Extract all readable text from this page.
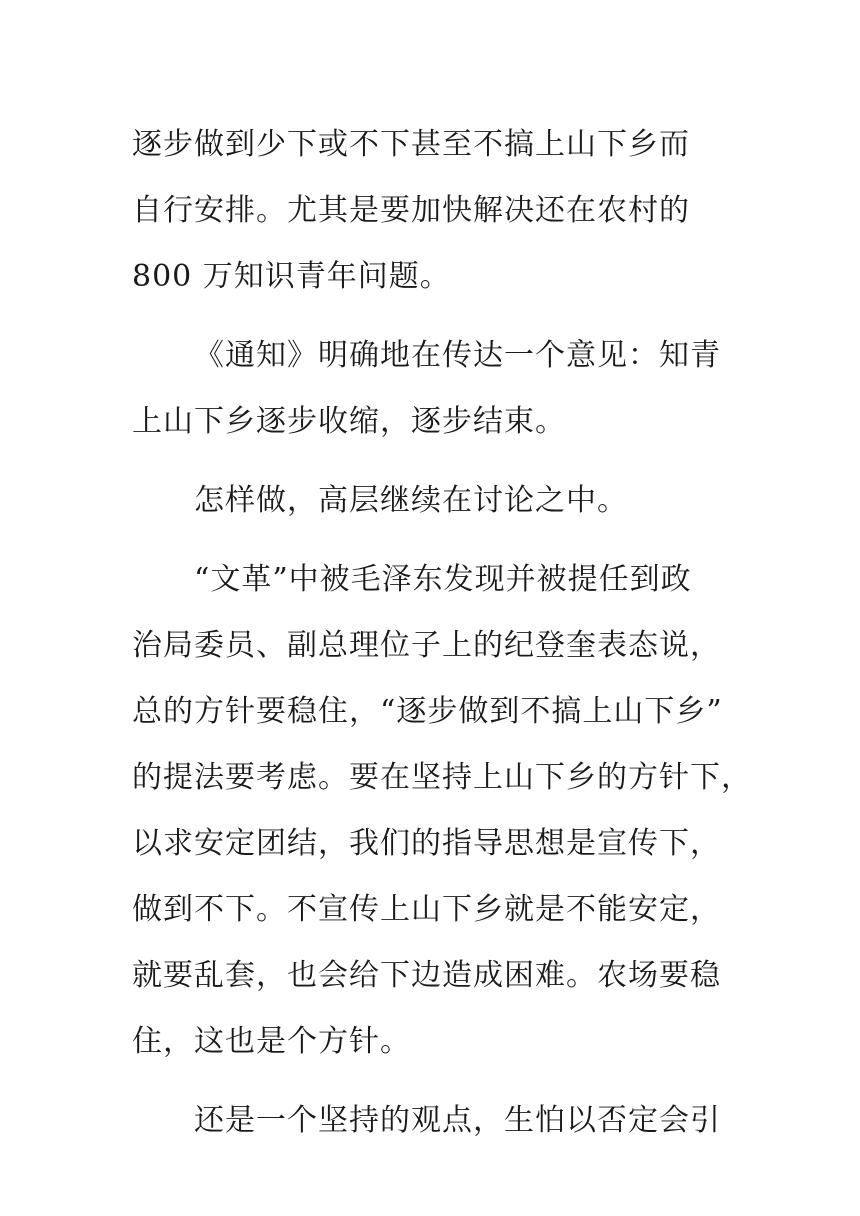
逐步做到少下或不下甚至不搞上山下乡而
自行安排。尤其是要加快解决还在农村的
800 万知识青年问题。
《通知》明确地在传达一个意见：知青
上山下乡逐步收缩，逐步结束。
怎样做，高层继续在讨论之中。
“文革”中被毛泽东发现并被提任到政
治局委员、副总理位子上的纪登奎表态说，
总的方针要稳住，“逐步做到不搞上山下乡”
的提法要考虑。要在坚持上山下乡的方针下，
以求安定团结，我们的指导思想是宣传下，
做到不下。不宣传上山下乡就是不能安定，
就要乱套，也会给下边造成困难。农场要稳
住，这也是个方针。
还是一个坚持的观点，生怕以否定会引
